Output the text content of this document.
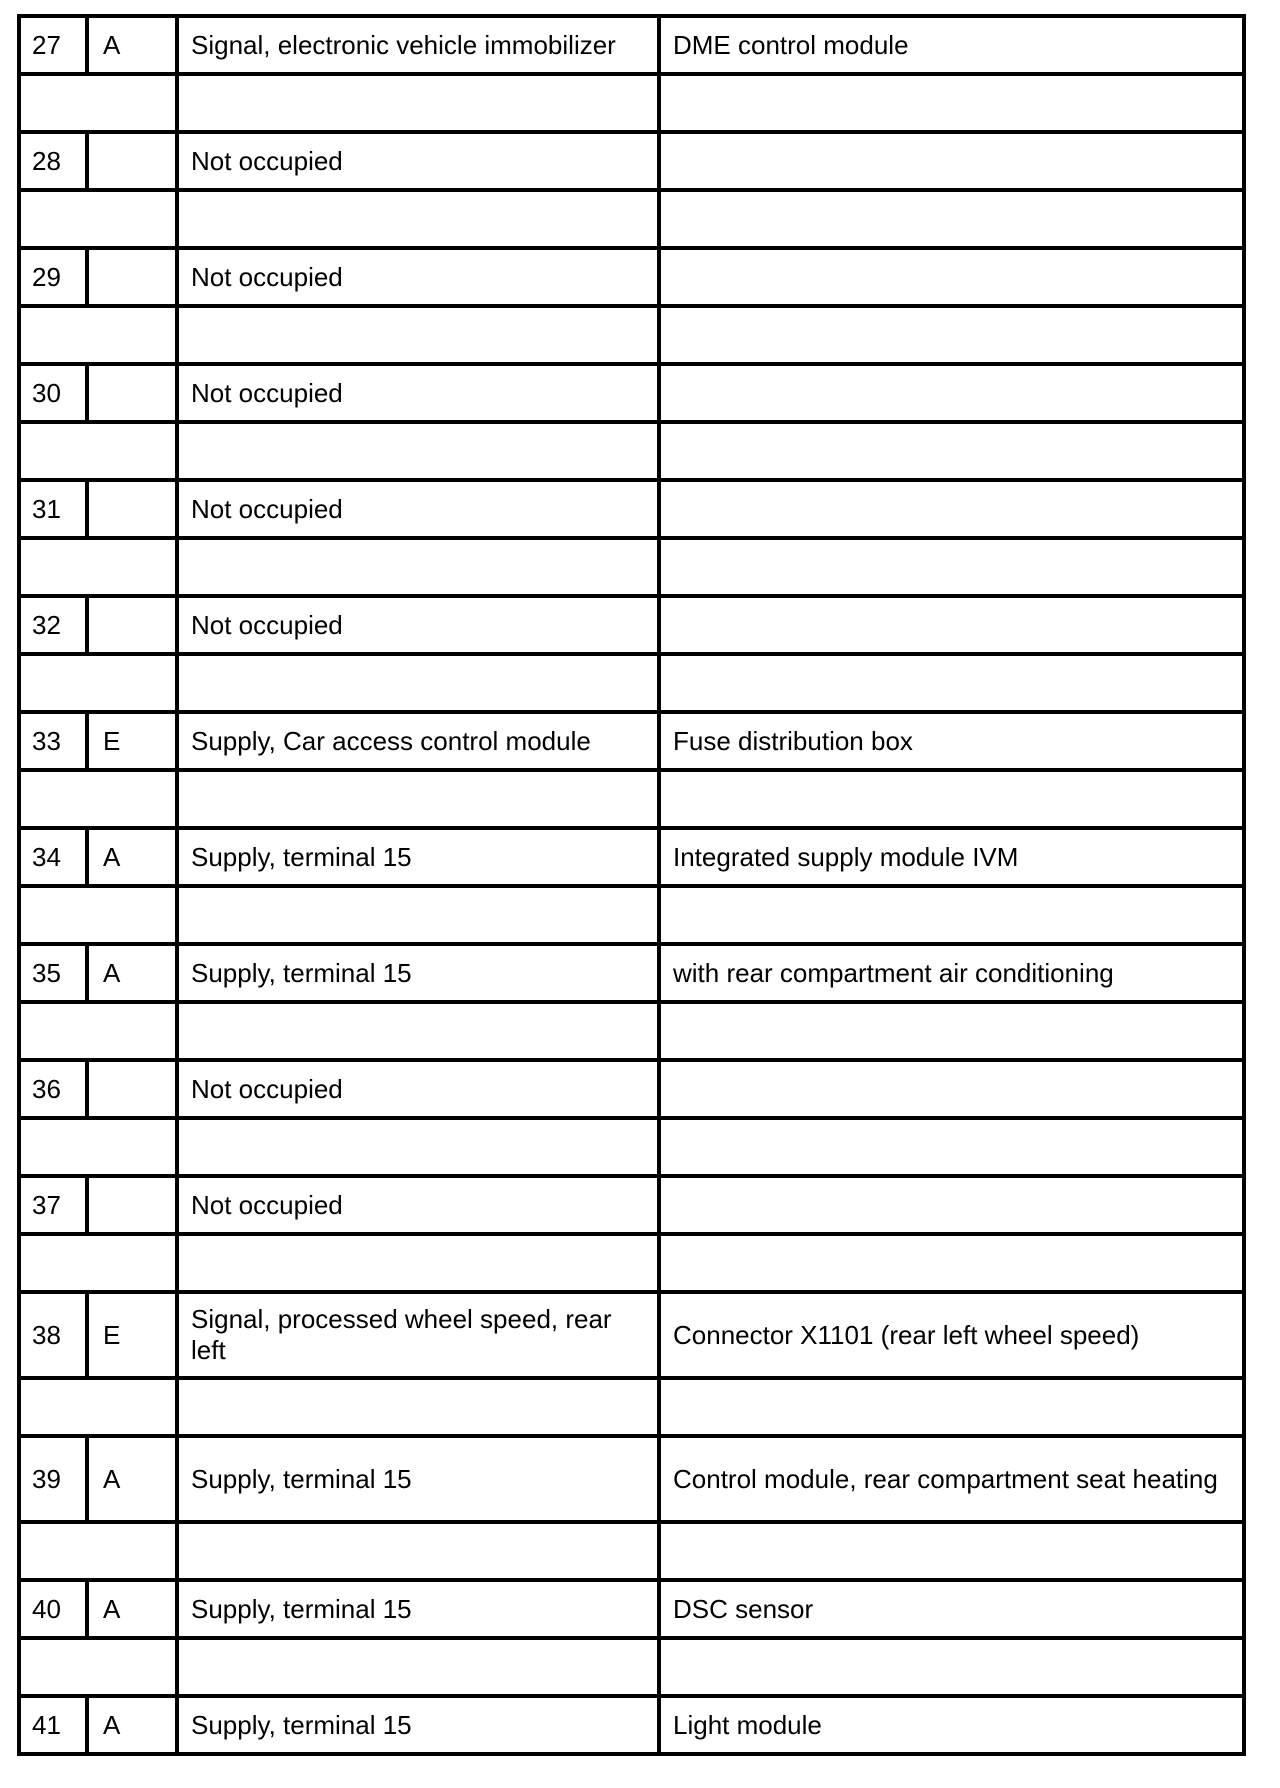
27	A	Signal, electronic vehicle immobilizer	DME control module

28		Not occupied	

29		Not occupied	

30		Not occupied	

31		Not occupied	

32		Not occupied	

33	E	Supply, Car access control module	Fuse distribution box

34	A	Supply, terminal 15	Integrated supply module IVM

35	A	Supply, terminal 15	with rear compartment air conditioning

36		Not occupied	

37		Not occupied	

38	E	Signal, processed wheel speed, rear left	Connector X1101 (rear left wheel speed)

39	A	Supply, terminal 15	Control module, rear compartment seat heating

40	A	Supply, terminal 15	DSC sensor

41	A	Supply, terminal 15	Light module
